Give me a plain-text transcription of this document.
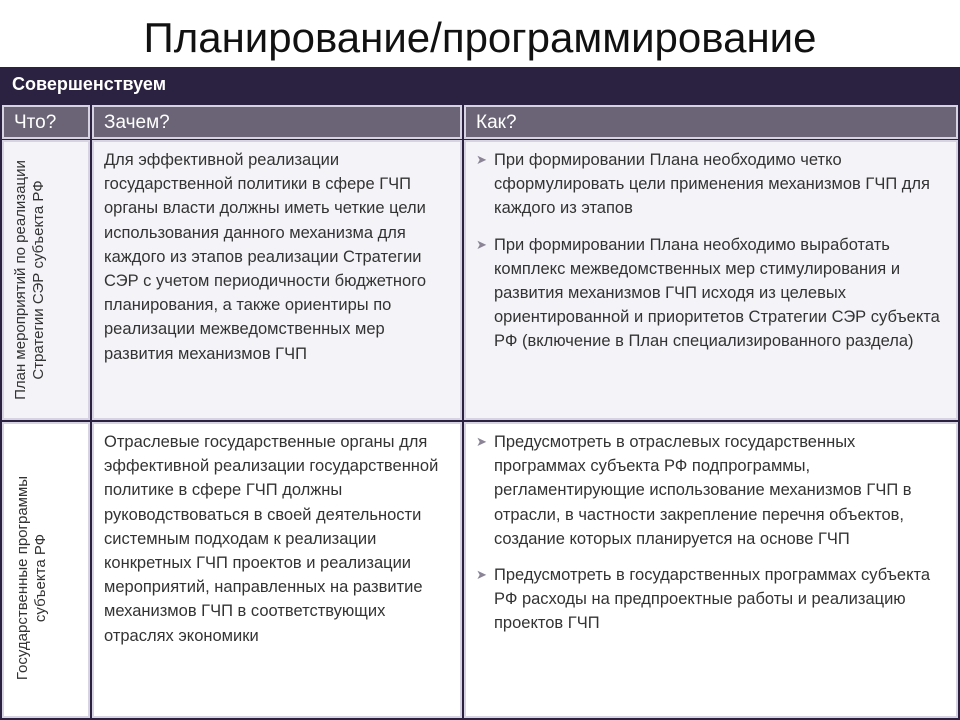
Планирование/программирование
Совершенствуем
Что?	Зачем?	Как?
План мероприятий по реализации Стратегии СЭР субъекта РФ
Для эффективной реализации государственной политики в сфере ГЧП органы власти должны иметь четкие цели использования данного механизма для каждого из этапов реализации Стратегии СЭР с учетом периодичности бюджетного планирования, а также ориентиры по реализации межведомственных мер развития механизмов ГЧП
➤ При формировании Плана необходимо четко сформулировать цели применения механизмов ГЧП для каждого из этапов
➤ При формировании Плана необходимо выработать комплекс межведомственных мер стимулирования и развития механизмов ГЧП исходя из целевых ориентированной и приоритетов Стратегии СЭР субъекта РФ (включение в План специализированного раздела)
Государственные программы субъекта РФ
Отраслевые государственные органы для эффективной реализации государственной политике в сфере ГЧП должны руководствоваться в своей деятельности системным подходам к реализации конкретных ГЧП проектов и реализации мероприятий, направленных на развитие механизмов ГЧП в соответствующих отраслях экономики
➤ Предусмотреть в отраслевых государственных программах субъекта РФ подпрограммы, регламентирующие использование механизмов ГЧП в отрасли, в частности закрепление перечня объектов, создание которых планируется на основе ГЧП
➤ Предусмотреть в государственных программах субъекта РФ расходы на предпроектные работы и реализацию проектов ГЧП
